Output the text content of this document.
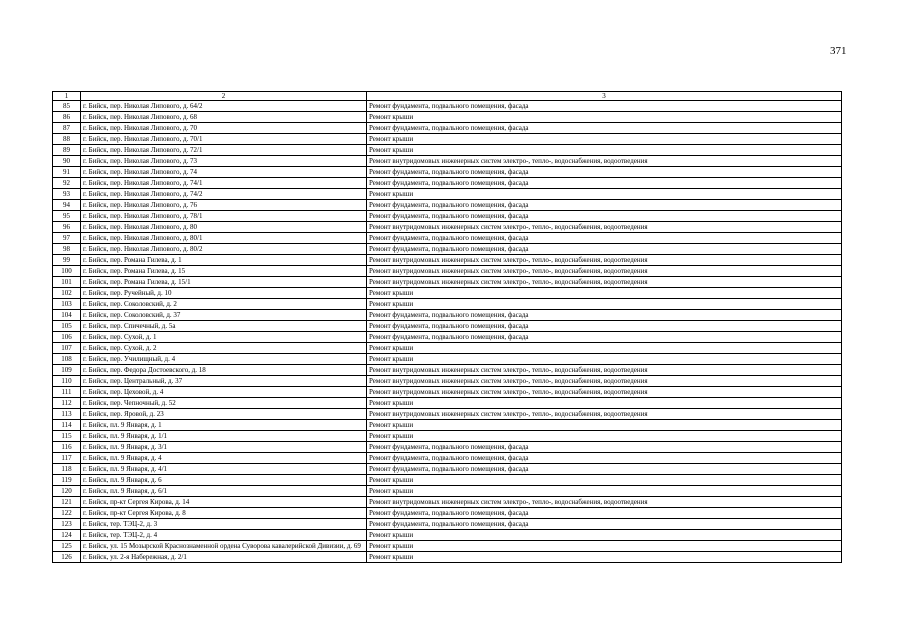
371
1	2	3
85	г. Бийск, пер. Николая Липового, д. 64/2	Ремонт фундамента, подвального помещения, фасада
86	г. Бийск, пер. Николая Липового, д. 68	Ремонт крыши
87	г. Бийск, пер. Николая Липового, д. 70	Ремонт фундамента, подвального помещения, фасада
88	г. Бийск, пер. Николая Липового, д. 70/1	Ремонт крыши
89	г. Бийск, пер. Николая Липового, д. 72/1	Ремонт крыши
90	г. Бийск, пер. Николая Липового, д. 73	Ремонт внутридомовых инженерных систем электро-, тепло-, водоснабжения, водоотведения
91	г. Бийск, пер. Николая Липового, д. 74	Ремонт фундамента, подвального помещения, фасада
92	г. Бийск, пер. Николая Липового, д. 74/1	Ремонт фундамента, подвального помещения, фасада
93	г. Бийск, пер. Николая Липового, д. 74/2	Ремонт крыши
94	г. Бийск, пер. Николая Липового, д. 76	Ремонт фундамента, подвального помещения, фасада
95	г. Бийск, пер. Николая Липового, д. 78/1	Ремонт фундамента, подвального помещения, фасада
96	г. Бийск, пер. Николая Липового, д. 80	Ремонт внутридомовых инженерных систем электро-, тепло-, водоснабжения, водоотведения
97	г. Бийск, пер. Николая Липового, д. 80/1	Ремонт фундамента, подвального помещения, фасада
98	г. Бийск, пер. Николая Липового, д. 80/2	Ремонт фундамента, подвального помещения, фасада
99	г. Бийск, пер. Романа Гилева, д. 1	Ремонт внутридомовых инженерных систем электро-, тепло-, водоснабжения, водоотведения
100	г. Бийск, пер. Романа Гилева, д. 15	Ремонт внутридомовых инженерных систем электро-, тепло-, водоснабжения, водоотведения
101	г. Бийск, пер. Романа Гилева, д. 15/1	Ремонт внутридомовых инженерных систем электро-, тепло-, водоснабжения, водоотведения
102	г. Бийск, пер. Ручейный, д. 10	Ремонт крыши
103	г. Бийск, пер. Соколовский, д. 2	Ремонт крыши
104	г. Бийск, пер. Соколовский, д. 37	Ремонт фундамента, подвального помещения, фасада
105	г. Бийск, пер. Спичечный, д. 5а	Ремонт фундамента, подвального помещения, фасада
106	г. Бийск, пер. Сухой, д. 1	Ремонт фундамента, подвального помещения, фасада
107	г. Бийск, пер. Сухой, д. 2	Ремонт крыши
108	г. Бийск, пер. Училищный, д. 4	Ремонт крыши
109	г. Бийск, пер. Федора Достоевского, д. 18	Ремонт внутридомовых инженерных систем электро-, тепло-, водоснабжения, водоотведения
110	г. Бийск, пер. Центральный, д. 37	Ремонт внутридомовых инженерных систем электро-, тепло-, водоснабжения, водоотведения
111	г. Бийск, пер. Цеховой, д. 4	Ремонт внутридомовых инженерных систем электро-, тепло-, водоснабжения, водоотведения
112	г. Бийск, пер. Чепночный, д. 52	Ремонт крыши
113	г. Бийск, пер. Яровой, д. 23	Ремонт внутридомовых инженерных систем электро-, тепло-, водоснабжения, водоотведения
114	г. Бийск, пл. 9 Января, д. 1	Ремонт крыши
115	г. Бийск, пл. 9 Января, д. 1/1	Ремонт крыши
116	г. Бийск, пл. 9 Января, д. 3/1	Ремонт фундамента, подвального помещения, фасада
117	г. Бийск, пл. 9 Января, д. 4	Ремонт фундамента, подвального помещения, фасада
118	г. Бийск, пл. 9 Января, д. 4/1	Ремонт фундамента, подвального помещения, фасада
119	г. Бийск, пл. 9 Января, д. 6	Ремонт крыши
120	г. Бийск, пл. 9 Января, д. 6/1	Ремонт крыши
121	г. Бийск, пр-кт Сергея Кирова, д. 14	Ремонт внутридомовых инженерных систем электро-, тепло-, водоснабжения, водоотведения
122	г. Бийск, пр-кт Сергея Кирова, д. 8	Ремонт фундамента, подвального помещения, фасада
123	г. Бийск, тер. ТЭЦ-2, д. 3	Ремонт фундамента, подвального помещения, фасада
124	г. Бийск, тер. ТЭЦ-2, д. 4	Ремонт крыши
125	г. Бийск, ул. 15 Мозырской Краснознаменной ордена Суворова кавалерийской Дивизии, д. 69	Ремонт крыши
126	г. Бийск, ул. 2-я Набережная, д. 2/1	Ремонт крыши
